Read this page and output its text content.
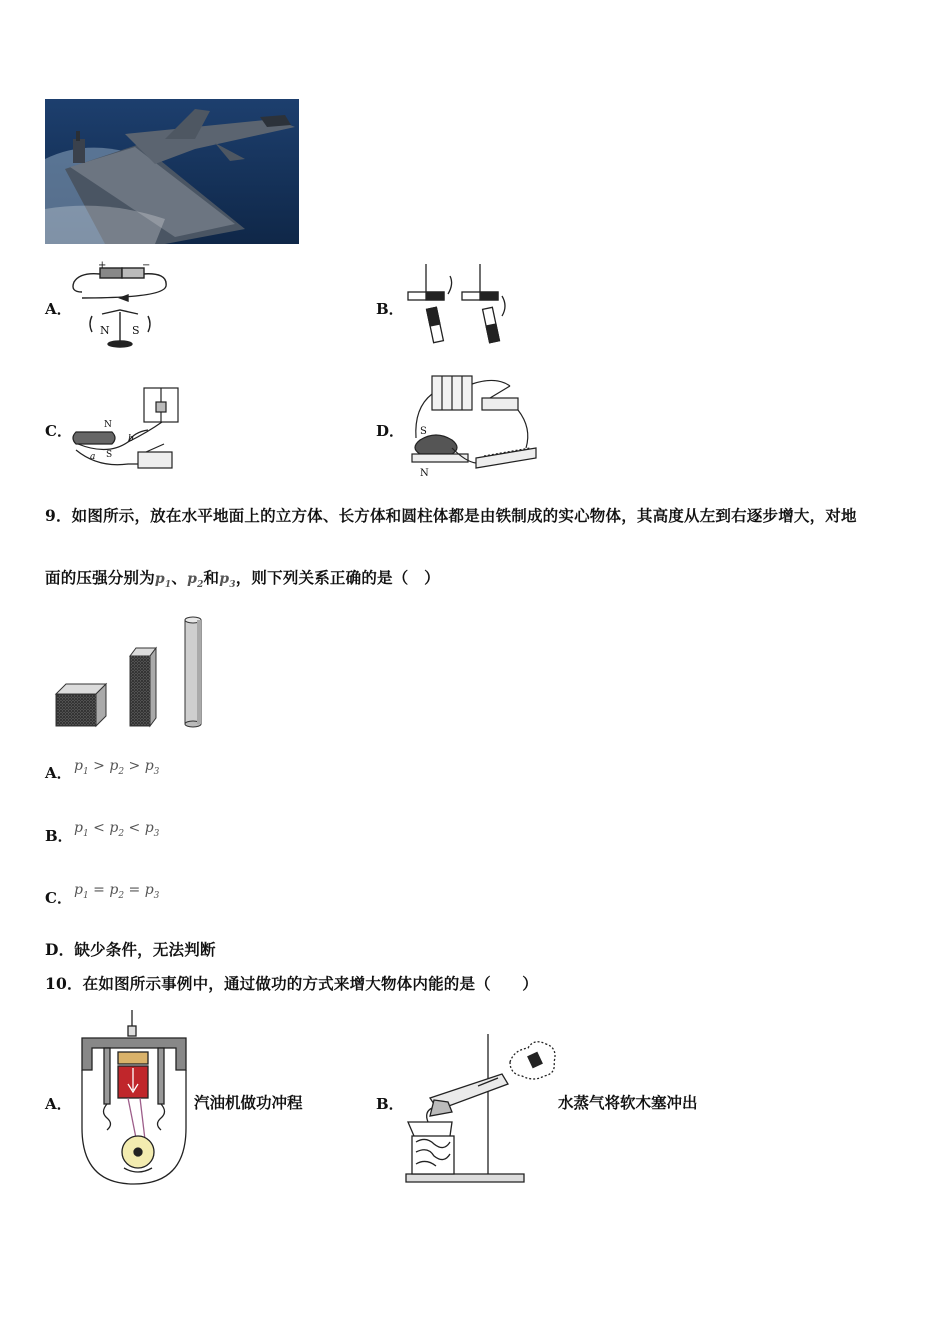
A．
+	−
N S
B．
C．	N
S
a
b	D． S
N
9．如图所示，放在水平地面上的立方体、长方体和圆柱体都是由铁制成的实心物体，其高度从左到右逐步增大，对地
面的压强分别为$p_1$、$p_2$和$p_3$，则下列关系正确的是（　）
A． $p_1 > p_2 > p_3$
B． $p_1 < p_2 < p_3$
C． $p_1 = p_2 = p_3$
D．缺少条件，无法判断
10．在如图所示事例中，通过做功的方式来增大物体内能的是（　　）
A．	汽油机做功冲程	B．	水蒸气将软木塞冲出
